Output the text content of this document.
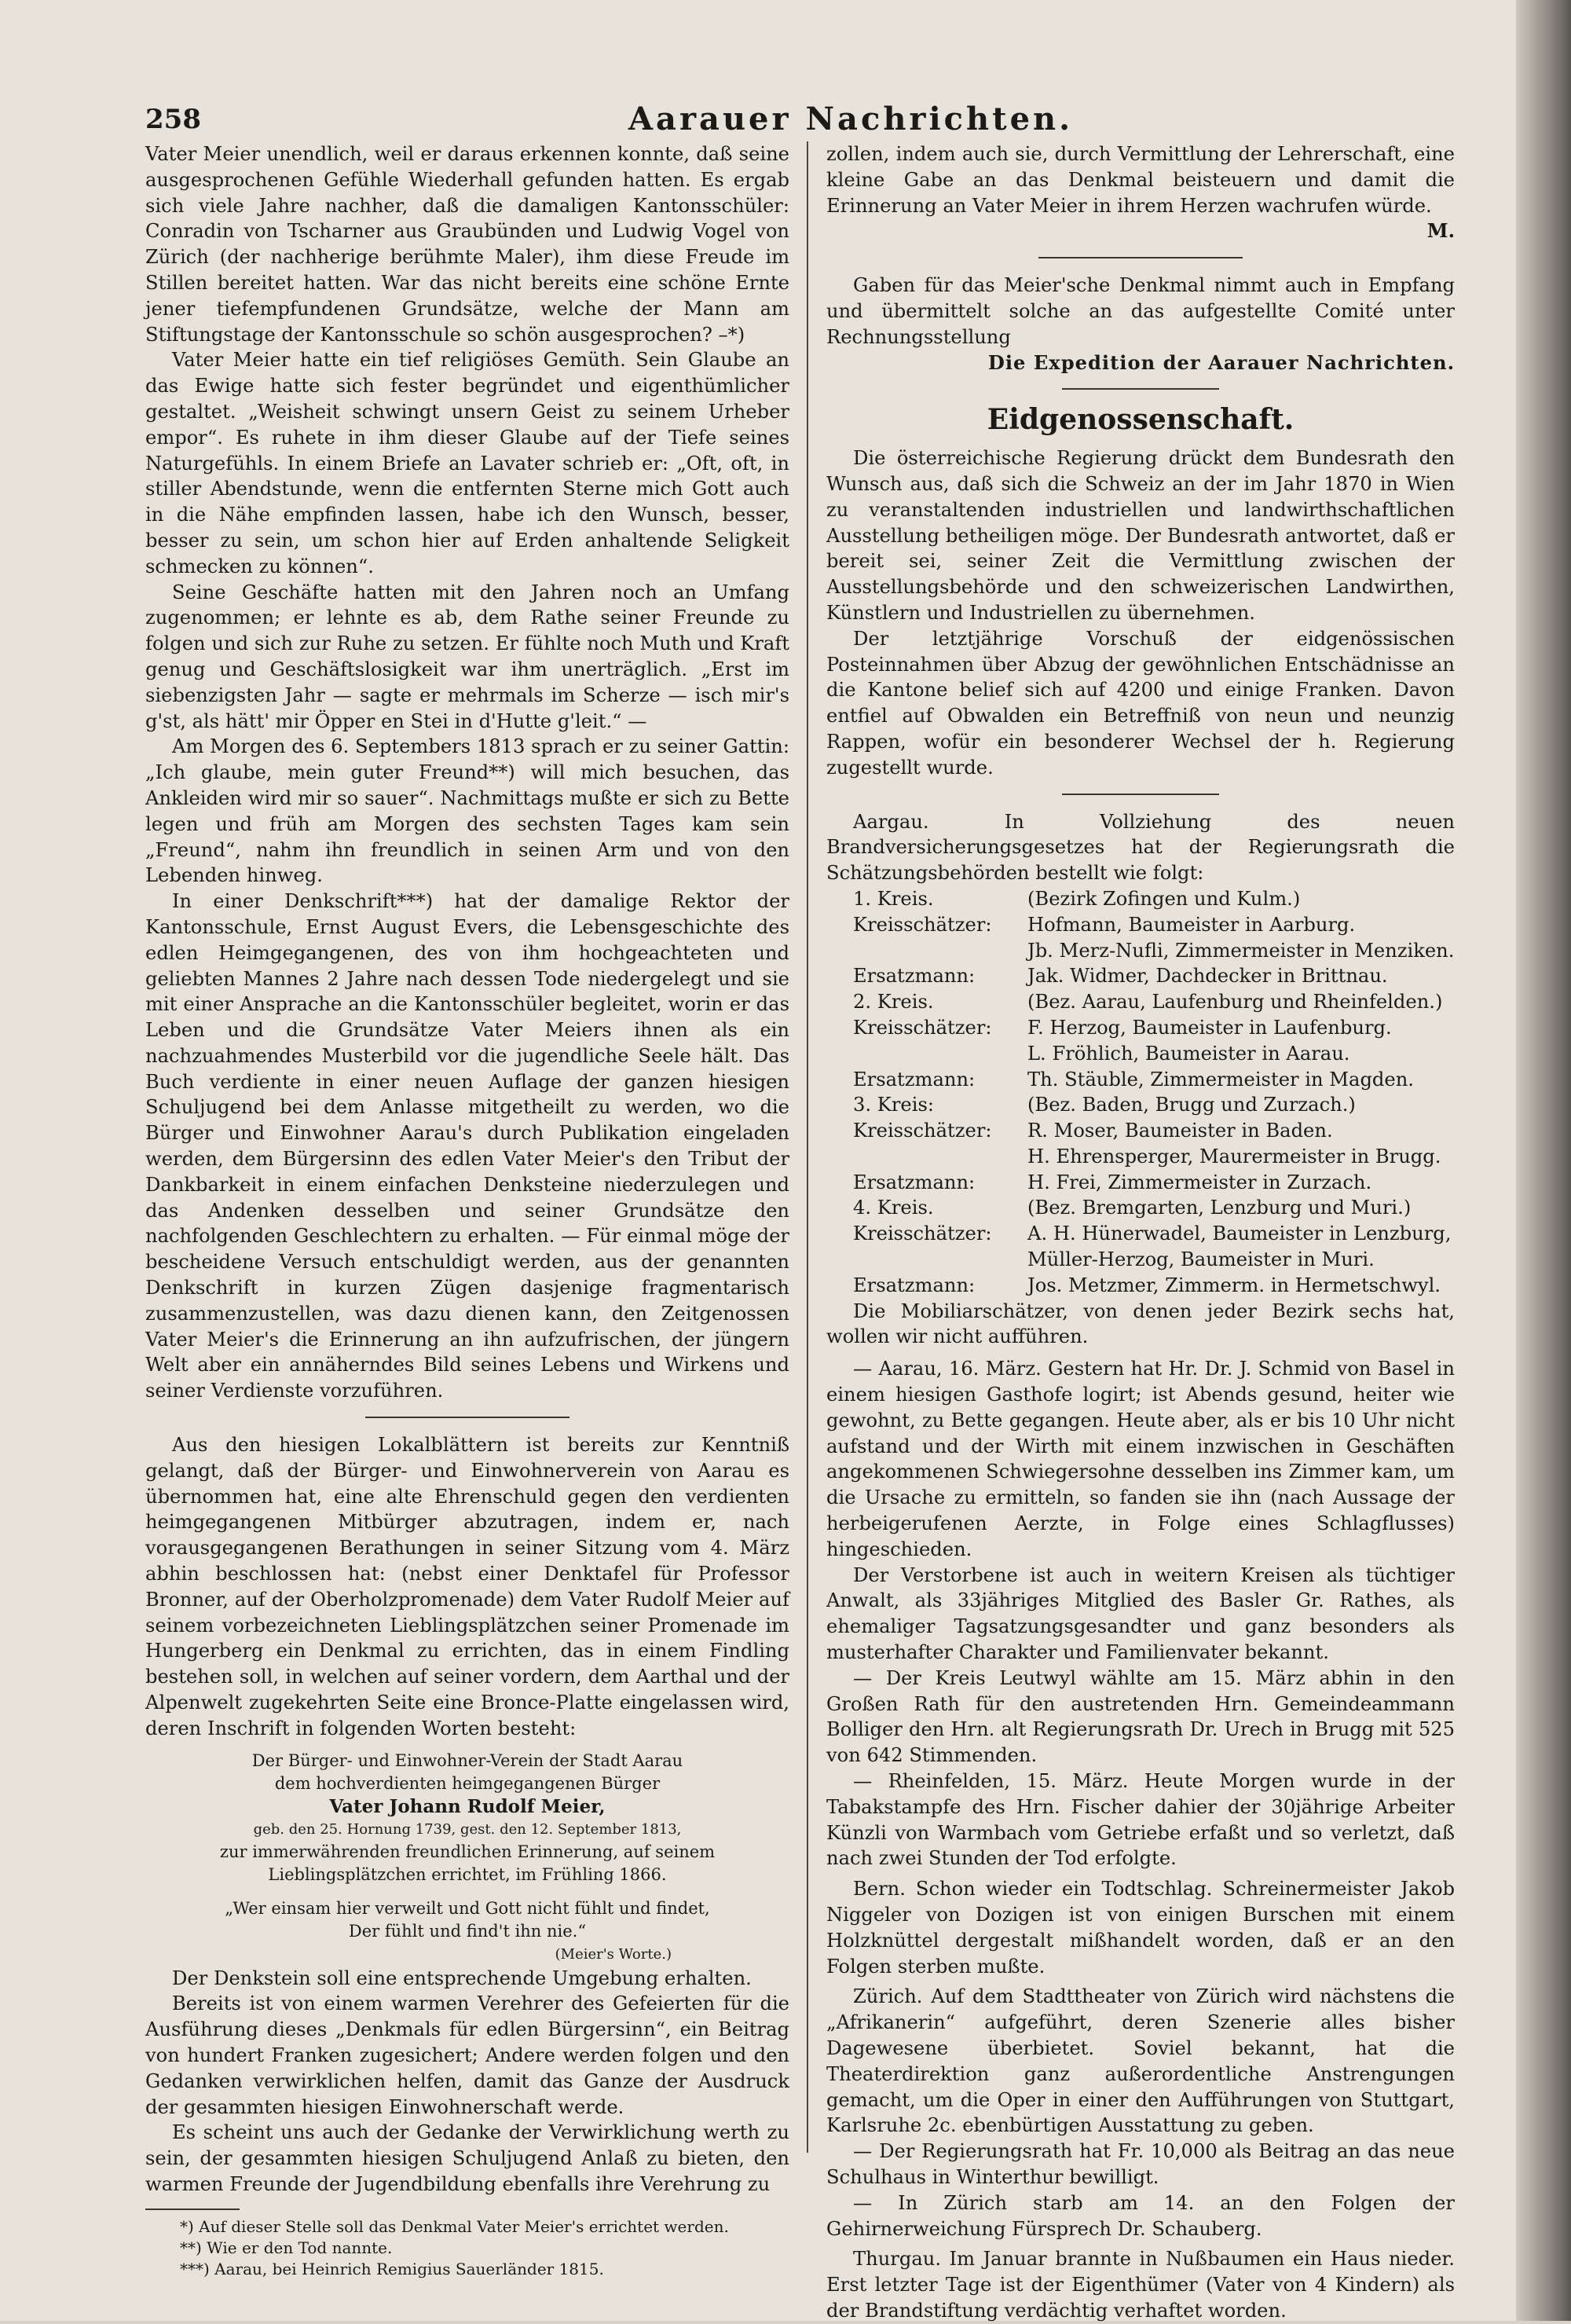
258	Aarauer Nachrichten.

Vater Meier unendlich, weil er daraus erkennen konnte, daß seine ausgesprochenen Gefühle Wiederhall gefunden hatten. Es ergab sich viele Jahre nachher, daß die damaligen Kantonsschüler: Conradin von Tscharner aus Graubünden und Ludwig Vogel von Zürich (der nachherige berühmte Maler), ihm diese Freude im Stillen bereitet hatten. War das nicht bereits eine schöne Ernte jener tiefempfundenen Grundsätze, welche der Mann am Stiftungstage der Kantonsschule so schön ausgesprochen? –*)

Vater Meier hatte ein tief religiöses Gemüth. Sein Glaube an das Ewige hatte sich fester begründet und eigenthümlicher gestaltet. „Weisheit schwingt unsern Geist zu seinem Urheber empor“. Es ruhete in ihm dieser Glaube auf der Tiefe seines Naturgefühls. In einem Briefe an Lavater schrieb er: „Oft, oft, in stiller Abendstunde, wenn die entfernten Sterne mich Gott auch in die Nähe empfinden lassen, habe ich den Wunsch, besser, besser zu sein, um schon hier auf Erden anhaltende Seligkeit schmecken zu können“.

Seine Geschäfte hatten mit den Jahren noch an Umfang zugenommen; er lehnte es ab, dem Rathe seiner Freunde zu folgen und sich zur Ruhe zu setzen. Er fühlte noch Muth und Kraft genug und Geschäftslosigkeit war ihm unerträglich. „Erst im siebenzigsten Jahr — sagte er mehrmals im Scherze — isch mir's g'st, als hätt' mir Öpper en Stei in d'Hutte g'leit.“ —

Am Morgen des 6. Septembers 1813 sprach er zu seiner Gattin: „Ich glaube, mein guter Freund**) will mich besuchen, das Ankleiden wird mir so sauer“. Nachmittags mußte er sich zu Bette legen und früh am Morgen des sechsten Tages kam sein „Freund“, nahm ihn freundlich in seinen Arm und von den Lebenden hinweg.

In einer Denkschrift***) hat der damalige Rektor der Kantonsschule, Ernst August Evers, die Lebensgeschichte des edlen Heimgegangenen, des von ihm hochgeachteten und geliebten Mannes 2 Jahre nach dessen Tode niedergelegt und sie mit einer Ansprache an die Kantonsschüler begleitet, worin er das Leben und die Grundsätze Vater Meiers ihnen als ein nachzuahmendes Musterbild vor die jugendliche Seele hält. Das Buch verdiente in einer neuen Auflage der ganzen hiesigen Schuljugend bei dem Anlasse mitgetheilt zu werden, wo die Bürger und Einwohner Aarau's durch Publikation eingeladen werden, dem Bürgersinn des edlen Vater Meier's den Tribut der Dankbarkeit in einem einfachen Denksteine niederzulegen und das Andenken desselben und seiner Grundsätze den nachfolgenden Geschlechtern zu erhalten. — Für einmal möge der bescheidene Versuch entschuldigt werden, aus der genannten Denkschrift in kurzen Zügen dasjenige fragmentarisch zusammenzustellen, was dazu dienen kann, den Zeitgenossen Vater Meier's die Erinnerung an ihn aufzufrischen, der jüngern Welt aber ein annäherndes Bild seines Lebens und Wirkens und seiner Verdienste vorzuführen.

Aus den hiesigen Lokalblättern ist bereits zur Kenntniß gelangt, daß der Bürger- und Einwohnerverein von Aarau es übernommen hat, eine alte Ehrenschuld gegen den verdienten heimgegangenen Mitbürger abzutragen, indem er, nach vorausgegangenen Berathungen in seiner Sitzung vom 4. März abhin beschlossen hat: (nebst einer Denktafel für Professor Bronner, auf der Oberholzpromenade) dem Vater Rudolf Meier auf seinem vorbezeichneten Lieblingsplätzchen seiner Promenade im Hungerberg ein Denkmal zu errichten, das in einem Findling bestehen soll, in welchen auf seiner vordern, dem Aarthal und der Alpenwelt zugekehrten Seite eine Bronce-Platte eingelassen wird, deren Inschrift in folgenden Worten besteht:

Der Bürger- und Einwohner-Verein der Stadt Aarau

dem hochverdienten heimgegangenen Bürger

Vater Johann Rudolf Meier,

geb. den 25. Hornung 1739, gest. den 12. September 1813,

zur immerwährenden freundlichen Erinnerung, auf seinem

Lieblingsplätzchen errichtet, im Frühling 1866.

„Wer einsam hier verweilt und Gott nicht fühlt und findet,

Der fühlt und find't ihn nie.“

(Meier's Worte.)

Der Denkstein soll eine entsprechende Umgebung erhalten.

Bereits ist von einem warmen Verehrer des Gefeierten für die Ausführung dieses „Denkmals für edlen Bürgersinn“, ein Beitrag von hundert Franken zugesichert; Andere werden folgen und den Gedanken verwirklichen helfen, damit das Ganze der Ausdruck der gesammten hiesigen Einwohnerschaft werde.

Es scheint uns auch der Gedanke der Verwirklichung werth zu sein, der gesammten hiesigen Schuljugend Anlaß zu bieten, den warmen Freunde der Jugendbildung ebenfalls ihre Verehrung zu

*) Auf dieser Stelle soll das Denkmal Vater Meier's errichtet werden.

**) Wie er den Tod nannte.

***) Aarau, bei Heinrich Remigius Sauerländer 1815.

zollen, indem auch sie, durch Vermittlung der Lehrerschaft, eine kleine Gabe an das Denkmal beisteuern und damit die Erinnerung an Vater Meier in ihrem Herzen wachrufen würde.

M.

Gaben für das Meier'sche Denkmal nimmt auch in Empfang und übermittelt solche an das aufgestellte Comité unter Rechnungsstellung

Die Expedition der Aarauer Nachrichten.

Eidgenossenschaft.

Die österreichische Regierung drückt dem Bundesrath den Wunsch aus, daß sich die Schweiz an der im Jahr 1870 in Wien zu veranstaltenden industriellen und landwirthschaftlichen Ausstellung betheiligen möge. Der Bundesrath antwortet, daß er bereit sei, seiner Zeit die Vermittlung zwischen der Ausstellungsbehörde und den schweizerischen Landwirthen, Künstlern und Industriellen zu übernehmen.

Der letztjährige Vorschuß der eidgenössischen Posteinnahmen über Abzug der gewöhnlichen Entschädnisse an die Kantone belief sich auf 4200 und einige Franken. Davon entfiel auf Obwalden ein Betreffniß von neun und neunzig Rappen, wofür ein besonderer Wechsel der h. Regierung zugestellt wurde.

Aargau. In Vollziehung des neuen Brandversicherungsgesetzes hat der Regierungsrath die Schätzungsbehörden bestellt wie folgt:

1. Kreis.	(Bezirk Zofingen und Kulm.)
Kreisschätzer:	Hofmann, Baumeister in Aarburg.
Jb. Merz-Nufli, Zimmermeister in Menziken.
Ersatzmann:	Jak. Widmer, Dachdecker in Brittnau.
2. Kreis.	(Bez. Aarau, Laufenburg und Rheinfelden.)
Kreisschätzer:	F. Herzog, Baumeister in Laufenburg.
L. Fröhlich, Baumeister in Aarau.
Ersatzmann:	Th. Stäuble, Zimmermeister in Magden.
3. Kreis:	(Bez. Baden, Brugg und Zurzach.)
Kreisschätzer:	R. Moser, Baumeister in Baden.
H. Ehrensperger, Maurermeister in Brugg.
Ersatzmann:	H. Frei, Zimmermeister in Zurzach.
4. Kreis.	(Bez. Bremgarten, Lenzburg und Muri.)
Kreisschätzer:	A. H. Hünerwadel, Baumeister in Lenzburg,
Müller-Herzog, Baumeister in Muri.
Ersatzmann:	Jos. Metzmer, Zimmerm. in Hermetschwyl.

Die Mobiliarschätzer, von denen jeder Bezirk sechs hat, wollen wir nicht aufführen.

— Aarau, 16. März. Gestern hat Hr. Dr. J. Schmid von Basel in einem hiesigen Gasthofe logirt; ist Abends gesund, heiter wie gewohnt, zu Bette gegangen. Heute aber, als er bis 10 Uhr nicht aufstand und der Wirth mit einem inzwischen in Geschäften angekommenen Schwiegersohne desselben ins Zimmer kam, um die Ursache zu ermitteln, so fanden sie ihn (nach Aussage der herbeigerufenen Aerzte, in Folge eines Schlagflusses) hingeschieden.

Der Verstorbene ist auch in weitern Kreisen als tüchtiger Anwalt, als 33jähriges Mitglied des Basler Gr. Rathes, als ehemaliger Tagsatzungsgesandter und ganz besonders als musterhafter Charakter und Familienvater bekannt.

— Der Kreis Leutwyl wählte am 15. März abhin in den Großen Rath für den austretenden Hrn. Gemeindeammann Bolliger den Hrn. alt Regierungsrath Dr. Urech in Brugg mit 525 von 642 Stimmenden.

— Rheinfelden, 15. März. Heute Morgen wurde in der Tabakstampfe des Hrn. Fischer dahier der 30jährige Arbeiter Künzli von Warmbach vom Getriebe erfaßt und so verletzt, daß nach zwei Stunden der Tod erfolgte.

Bern. Schon wieder ein Todtschlag. Schreinermeister Jakob Niggeler von Dozigen ist von einigen Burschen mit einem Holzknüttel dergestalt mißhandelt worden, daß er an den Folgen sterben mußte.

Zürich. Auf dem Stadttheater von Zürich wird nächstens die „Afrikanerin“ aufgeführt, deren Szenerie alles bisher Dagewesene überbietet. Soviel bekannt, hat die Theaterdirektion ganz außerordentliche Anstrengungen gemacht, um die Oper in einer den Aufführungen von Stuttgart, Karlsruhe 2c. ebenbürtigen Ausstattung zu geben.

— Der Regierungsrath hat Fr. 10,000 als Beitrag an das neue Schulhaus in Winterthur bewilligt.

— In Zürich starb am 14. an den Folgen der Gehirnerweichung Fürsprech Dr. Schauberg.

Thurgau. Im Januar brannte in Nußbaumen ein Haus nieder. Erst letzter Tage ist der Eigenthümer (Vater von 4 Kindern) als der Brandstiftung verdächtig verhaftet worden.
